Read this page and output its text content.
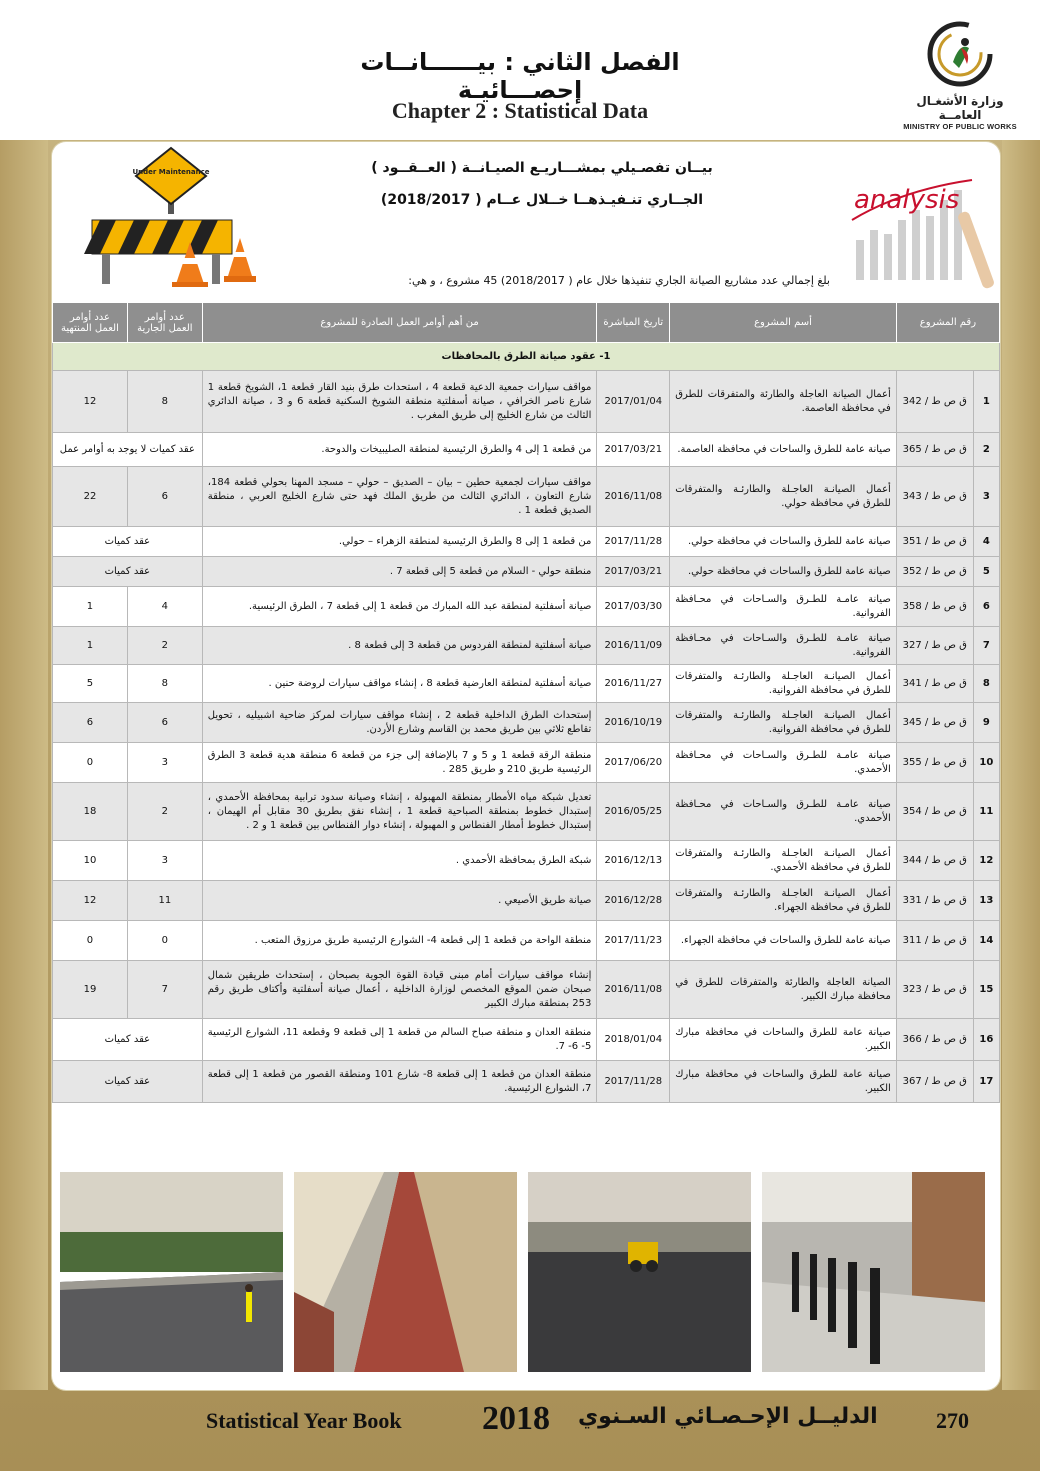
الفصل الثاني : بيــــــانــات إحصـــائيـة
Chapter 2 : Statistical Data	وزارة الأشغـال العامــة
MINISTRY OF PUBLIC WORKS
Under Maintenance	بيــان تفصـيلي بمشـــاريـع الصيـانــة ( العــقــود )
الجــاري تنـفيـذهــا خــلال عــام ( 2018/2017)
بلغ إجمالي عدد مشاريع الصيانة الجاري تنفيذها خلال عام ( 2018/2017) 45 مشروع ، و هي:
analysis
رقم المشروع		أسم المشروع	تاريخ المباشرة	من أهم أوامر العمل الصادرة للمشروع	عدد أوامر العمل الجارية	عدد أوامر العمل المنتهية
1- عقود صيانة الطرق بالمحافظات						
1	ق ص ط / 342	أعمال الصيانة العاجلة والطارئة والمتفرقات للطرق في محافظة العاصمة.	2017/01/04	مواقف سيارات جمعية الدعية قطعة 4 ، استحداث طرق بنيد القار قطعة 1، الشويخ قطعة 1 شارع ناصر الخرافي ، صيانة أسفلتية منطقة الشويخ السكنية قطعة 6 و 3 ، صيانة الدائري الثالث من شارع الخليج إلى طريق المغرب .	8	12
2	ق ص ط / 365	صيانة عامة للطرق والساحات في محافظة العاصمة.	2017/03/21	من قطعة 1 إلى 4 والطرق الرئيسية لمنطقة الصليبيخات والدوحة.	عقد كميات لا يوجد به أوامر عمل	
3	ق ص ط / 343	أعمال الصيانـة العاجـلة والطارئـة والمتفرقات للطرق في محافظة حولي.	2016/11/08	مواقف سيارات لجمعية حطين – بيان – الصديق – حولي – مسجد المهنا بحولي قطعة 184، شارع التعاون ، الدائري الثالث من طريق الملك فهد حتى شارع الخليج العربي ، منطقة الصديق قطعة 1 .	6	22
4	ق ص ط / 351	صيانة عامة للطرق والساحات في محافظة حولي.	2017/11/28	من قطعة 1 إلى 8 والطرق الرئيسية لمنطقة الزهراء – حولي.	عقد كميات	
5	ق ص ط / 352	صيانة عامة للطرق والساحات في محافظة حولي.	2017/03/21	منطقة حولي - السلام من قطعة 5 إلى قطعة 7 .	عقد كميات	
6	ق ص ط / 358	صيانة عامـة للطـرق والسـاحات في محـافظة الفروانية.	2017/03/30	صيانة أسفلتية لمنطقة عبد الله المبارك من قطعة 1 إلى قطعة 7 ، الطرق الرئيسية.	4	1
7	ق ص ط / 327	صيانة عامـة للطـرق والسـاحات في محـافظة الفروانية.	2016/11/09	صيانة أسفلتية لمنطقة الفردوس من قطعة 3 إلى قطعة 8 .	2	1
8	ق ص ط / 341	أعمال الصيانـة العاجـلة والطارئـة والمتفرقات للطرق في محافظة الفروانية.	2016/11/27	صيانة أسفلتية لمنطقة العارضية قطعة 8 ، إنشاء مواقف سيارات لروضة حنين .	8	5
9	ق ص ط / 345	أعمال الصيانـة العاجـلة والطارئـة والمتفرقات للطرق في محافظة الفروانية.	2016/10/19	إستحداث الطرق الداخلية قطعة 2 ، إنشاء مواقف سيارات لمركز ضاحية اشبيليه ، تحويل تقاطع ثلاثي بين طريق محمد بن القاسم وشارع الأردن.	6	6
10	ق ص ط / 355	صيانة عامـة للطـرق والسـاحات في محـافظة الأحمدي.	2017/06/20	منطقة الرقة قطعة 1 و 5 و 7 بالإضافة إلى جزء من قطعة 6 منطقة هدية قطعة 3 الطرق الرئيسية طريق 210 و طريق 285 .	3	0
11	ق ص ط / 354	صيانة عامـة للطـرق والسـاحات في محـافظة الأحمدي.	2016/05/25	تعديل شبكة مياه الأمطار بمنطقة المهبولة ، إنشاء وصيانة سدود ترابية بمحافظة الأحمدي ، إستبدال خطوط بمنطقة الصباحية قطعة 1 ، إنشاء نفق بطريق 30 مقابل أم الهيمان ، إستبدال خطوط أمطار الفنطاس و المهبولة ، إنشاء دوار الفنطاس بين قطعة 1 و 2 .	2	18
12	ق ص ط / 344	أعمال الصيانـة العاجـلة والطارئـة والمتفرقات للطرق في محافظة الأحمدي.	2016/12/13	شبكة الطرق بمحافظة الأحمدي .	3	10
13	ق ص ط / 331	أعمال الصيانـة العاجـلة والطارئـة والمتفرقات للطرق في محافظة الجهراء.	2016/12/28	صيانة طريق الأصيعي .	11	12
14	ق ص ط / 311	صيانة عامة للطرق والساحات في محافظة الجهراء.	2017/11/23	منطقة الواحة من قطعة 1 إلى قطعة 4- الشوارع الرئيسية طريق مرزوق المتعب .	0	0
15	ق ص ط / 323	الصيانة العاجلة والطارئة والمتفرقات للطرق في محافظة مبارك الكبير.	2016/11/08	إنشاء مواقف سيارات أمام مبنى قيادة القوة الجوية بصبحان ، إستحداث طريقين شمال صبحان ضمن الموقع المخصص لوزارة الداخلية ، أعمال صيانة أسفلتية وأكتاف طريق رقم 253 بمنطقة مبارك الكبير	7	19
16	ق ص ط / 366	صيانة عامة للطرق والساحات في محافظة مبارك الكبير.	2018/01/04	منطقة العدان و منطقة صباح السالم من قطعة 1 إلى قطعة 9 وقطعة 11، الشوارع الرئيسية 5- 6- 7.	عقد كميات	
17	ق ص ط / 367	صيانة عامة للطرق والساحات في محافظة مبارك الكبير.	2017/11/28	منطقة العدان من قطعة 1 إلى قطعة 8- شارع 101 ومنطقة القصور من قطعة 1 إلى قطعة 7، الشوارع الرئيسية.	عقد كميات	
Statistical Year Book 2018 الدليــل الإحـصـائي السـنوي	270
